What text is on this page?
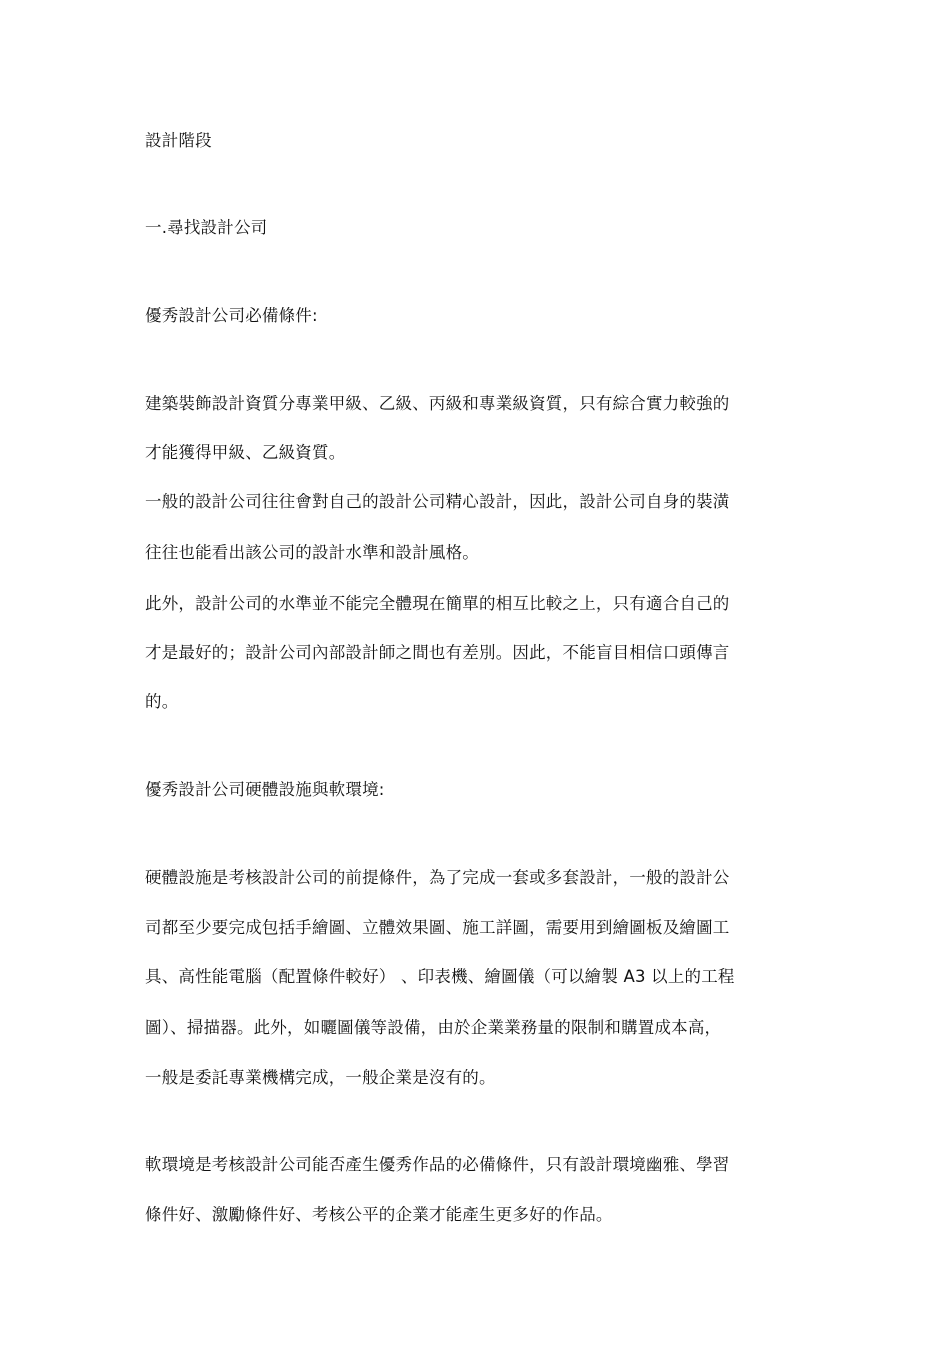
設計階段
一.尋找設計公司
優秀設計公司必備條件:
建築裝飾設計資質分專業甲級、乙級、丙級和專業級資質，只有綜合實力較強的
才能獲得甲級、乙級資質。
一般的設計公司往往會對自己的設計公司精心設計，因此，設計公司自身的裝潢
往往也能看出該公司的設計水準和設計風格。
此外，設計公司的水準並不能完全體現在簡單的相互比較之上，只有適合自己的
才是最好的；設計公司內部設計師之間也有差別。因此，不能盲目相信口頭傳言
的。
優秀設計公司硬體設施與軟環境:
硬體設施是考核設計公司的前提條件，為了完成一套或多套設計，一般的設計公
司都至少要完成包括手繪圖、立體效果圖、施工詳圖，需要用到繪圖板及繪圖工
具、高性能電腦（配置條件較好） 、印表機、繪圖儀（可以繪製 A3 以上的工程
圖）、掃描器。此外，如曬圖儀等設備，由於企業業務量的限制和購置成本高，
一般是委託專業機構完成，一般企業是沒有的。
軟環境是考核設計公司能否產生優秀作品的必備條件，只有設計環境幽雅、學習
條件好、激勵條件好、考核公平的企業才能產生更多好的作品。
